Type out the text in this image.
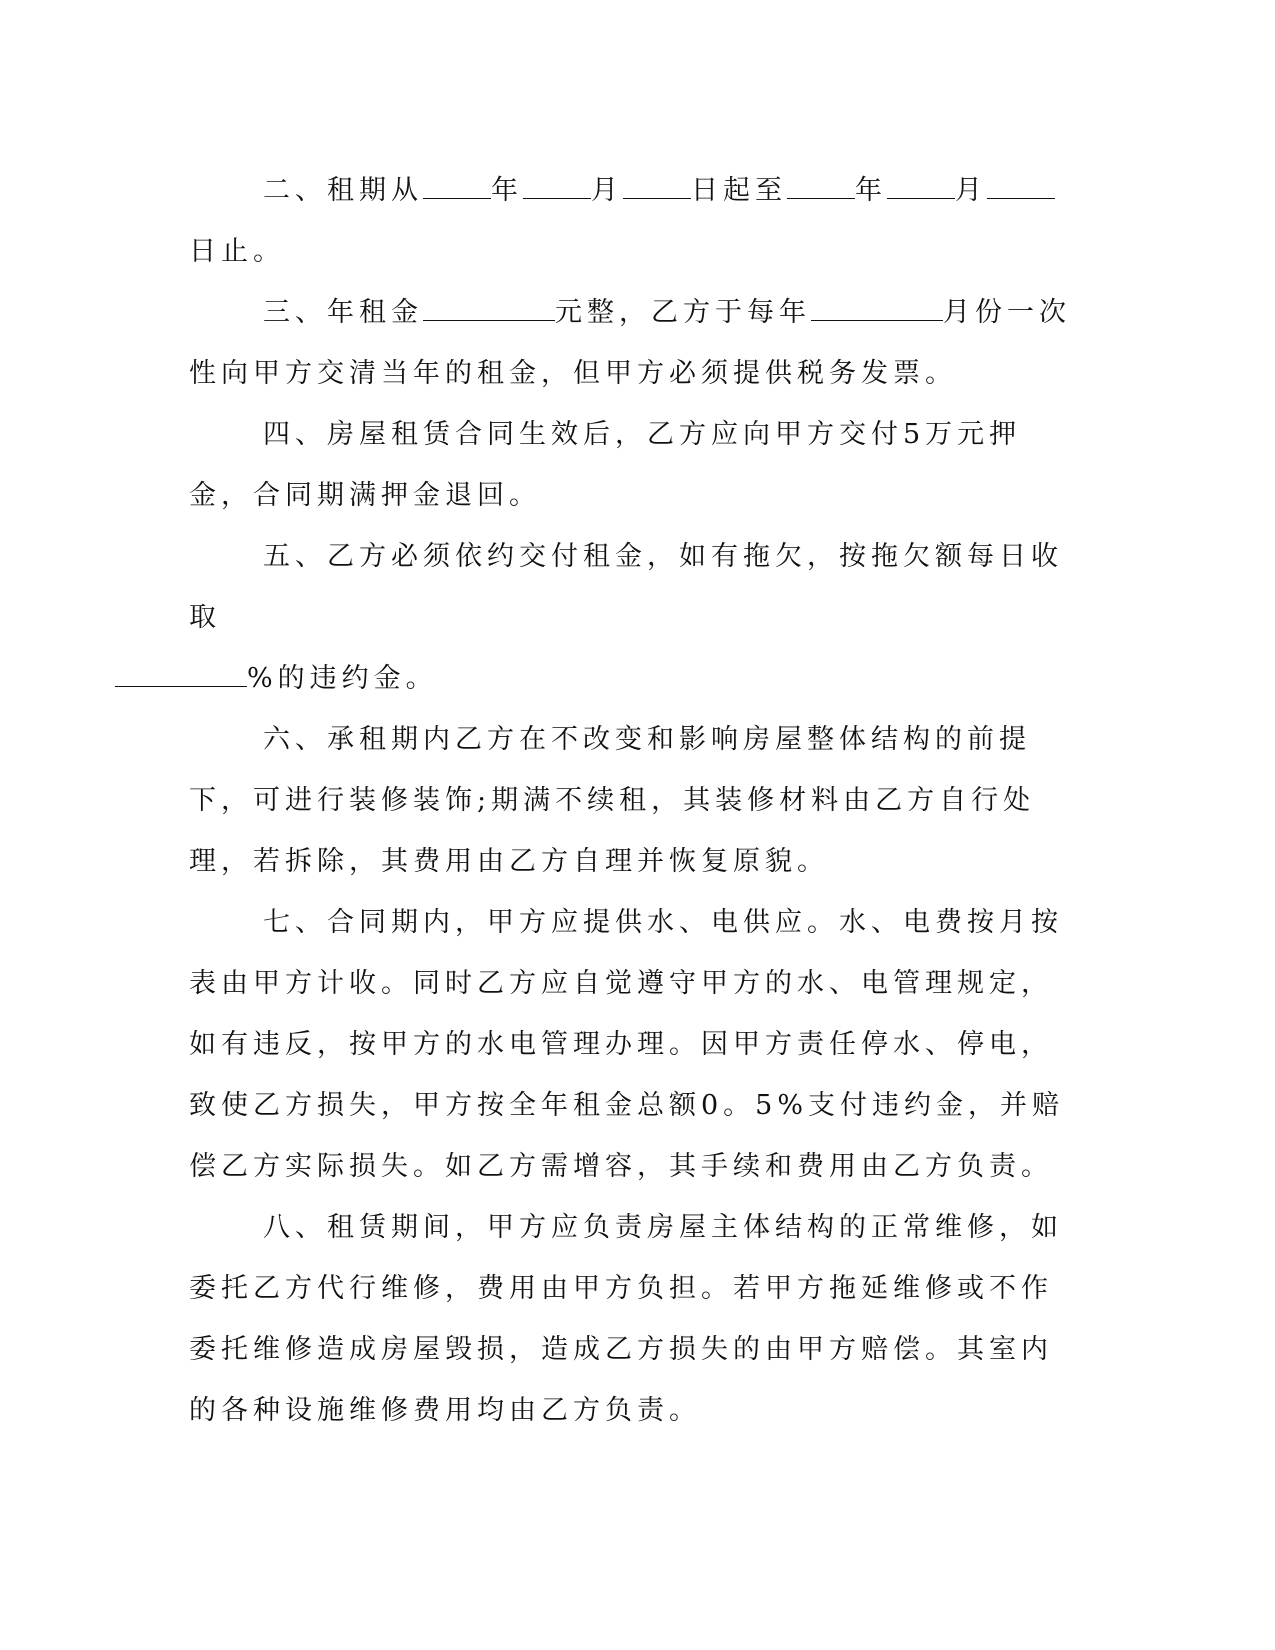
二、租期从	年	月	日起至	年	月日止。

三、年租金	元整，乙方于每年	月份一次性向甲方交清当年的租金，但甲方必须提供税务发票。

四、房屋租赁合同生效后，乙方应向甲方交付5万元押金，合同期满押金退回。

五、乙方必须依约交付租金，如有拖欠，按拖欠额每日收取
%的违约金。

六、承租期内乙方在不改变和影响房屋整体结构的前提下，可进行装修装饰;期满不续租，其装修材料由乙方自行处理，若拆除，其费用由乙方自理并恢复原貌。

七、合同期内，甲方应提供水、电供应。水、电费按月按表由甲方计收。同时乙方应自觉遵守甲方的水、电管理规定，如有违反，按甲方的水电管理办理。因甲方责任停水、停电，致使乙方损失，甲方按全年租金总额0。5%支付违约金，并赔偿乙方实际损失。如乙方需增容，其手续和费用由乙方负责。

八、租赁期间，甲方应负责房屋主体结构的正常维修，如委托乙方代行维修，费用由甲方负担。若甲方拖延维修或不作委托维修造成房屋毁损，造成乙方损失的由甲方赔偿。其室内的各种设施维修费用均由乙方负责。
